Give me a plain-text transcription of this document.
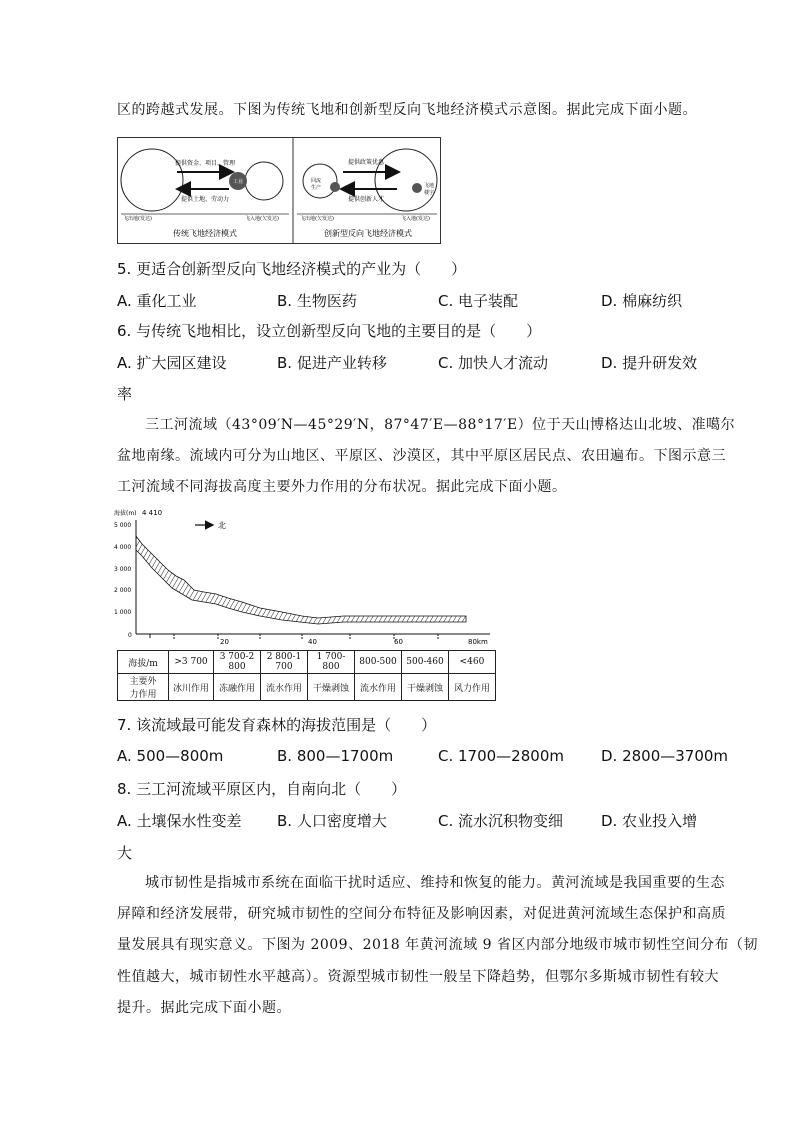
区的跨越式发展。下图为传统飞地和创新型反向飞地经济模式示意图。据此完成下面小题。
工业
提供资金、项目、管理
提供土地、劳动力
飞出地(发达)	飞入地(欠发达)
传统飞地经济模式
回流
生产	飞地
楼宇
提供政策优惠
提供创新人才
飞出地(欠发达)	飞入地(发达)
创新型反向飞地经济模式
5. 更适合创新型反向飞地经济模式的产业为（　　）
A. 重化工业	B. 生物医药	C. 电子装配	D. 棉麻纺织
6. 与传统飞地相比，设立创新型反向飞地的主要目的是（　　）
A. 扩大园区建设	B. 促进产业转移	C. 加快人才流动	D. 提升研发效
率
三工河流域（43°09′N—45°29′N，87°47′E—88°17′E）位于天山博格达山北坡、准噶尔
盆地南缘。流域内可分为山地区、平原区、沙漠区，其中平原区居民点、农田遍布。下图示意三
工河流域不同海拔高度主要外力作用的分布状况。据此完成下面小题。
海拔(m) 4 410
北
5 000
4 000
3 000
2 000
1 000
0
20	40	60	80km
海拔/m	>3 700	3 700-2 800	2 800-1 700	1 700-800	800-500	500-460	<460
主要外
力作用	冰川作用	冻融作用	流水作用	干燥剥蚀	流水作用	干燥剥蚀	风力作用
7. 该流域最可能发育森林的海拔范围是（　　）
A. 500—800m	B. 800—1700m	C. 1700—2800m D. 2800—3700m
8. 三工河流域平原区内，自南向北（　　）
A. 土壤保水性变差 B. 人口密度增大	C. 流水沉积物变细	D. 农业投入增
大
城市韧性是指城市系统在面临干扰时适应、维持和恢复的能力。黄河流域是我国重要的生态
屏障和经济发展带，研究城市韧性的空间分布特征及影响因素，对促进黄河流域生态保护和高质
量发展具有现实意义。下图为 2009、2018 年黄河流域 9 省区内部分地级市城市韧性空间分布（韧
性值越大，城市韧性水平越高）。资源型城市韧性一般呈下降趋势，但鄂尔多斯城市韧性有较大
提升。据此完成下面小题。
